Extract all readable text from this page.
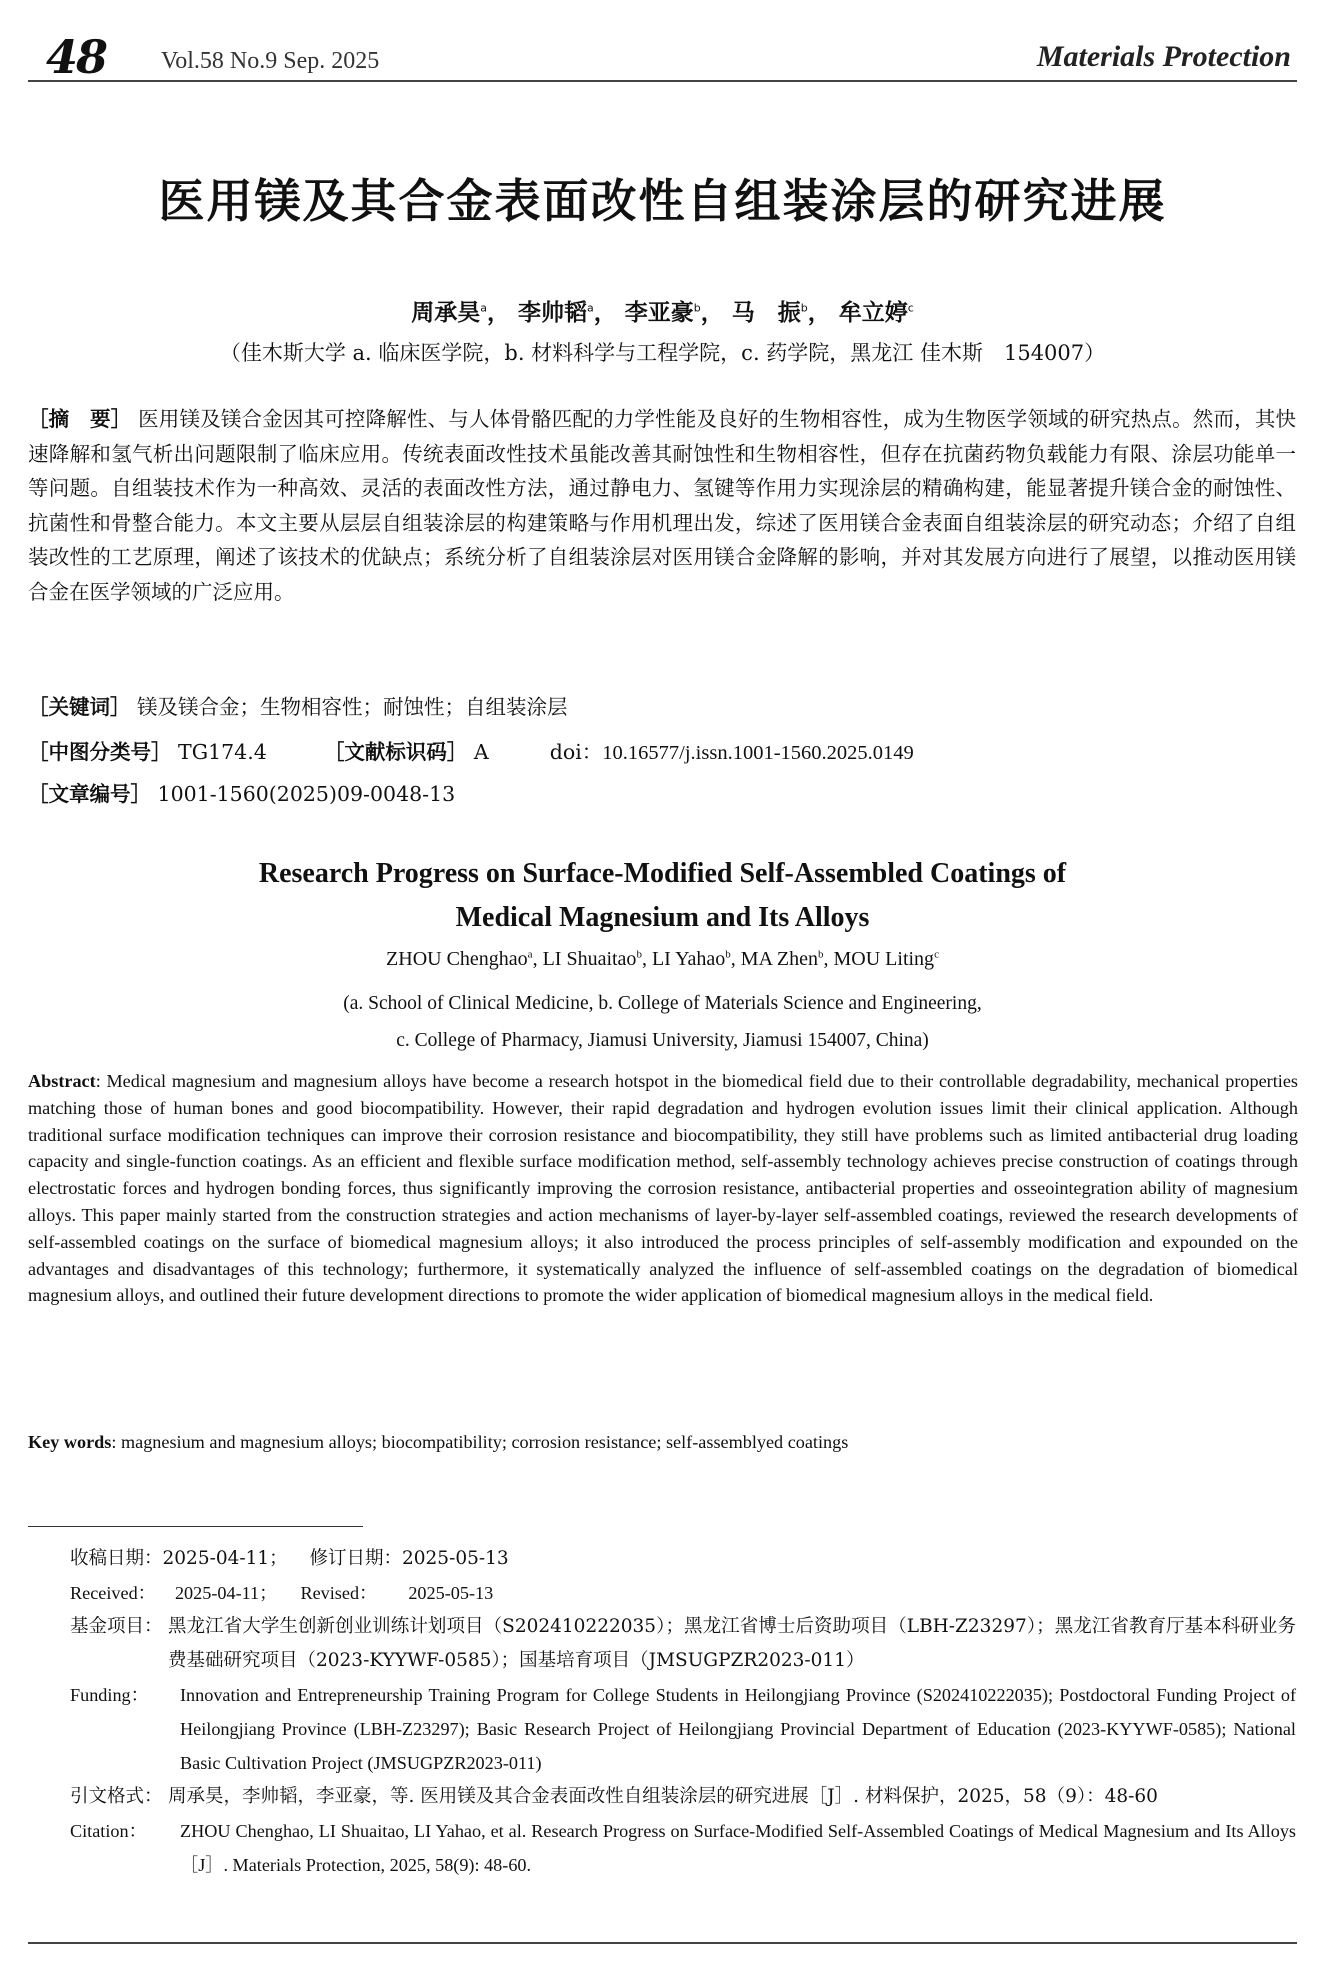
48 Vol.58 No.9 Sep. 2025	Materials Protection
医用镁及其合金表面改性自组装涂层的研究进展
周承昊$^a$， 李帅韬$^a$， 李亚豪$^b$， 马　振$^b$， 牟立婷$^c$
（佳木斯大学 a. 临床医学院，b. 材料科学与工程学院，c. 药学院，黑龙江 佳木斯　154007）
［摘　要］ 医用镁及镁合金因其可控降解性、与人体骨骼匹配的力学性能及良好的生物相容性，成为生物医学领域的研究热点。然而，其快速降解和氢气析出问题限制了临床应用。传统表面改性技术虽能改善其耐蚀性和生物相容性，但存在抗菌药物负载能力有限、涂层功能单一等问题。自组装技术作为一种高效、灵活的表面改性方法，通过静电力、氢键等作用力实现涂层的精确构建，能显著提升镁合金的耐蚀性、抗菌性和骨整合能力。本文主要从层层自组装涂层的构建策略与作用机理出发，综述了医用镁合金表面自组装涂层的研究动态；介绍了自组装改性的工艺原理，阐述了该技术的优缺点；系统分析了自组装涂层对医用镁合金降解的影响，并对其发展方向进行了展望，以推动医用镁合金在医学领域的广泛应用。
［关键词］ 镁及镁合金；生物相容性；耐蚀性；自组装涂层
［中图分类号］ TG174.4	［文献标识码］ A	doi：10.16577/j.issn.1001-1560.2025.0149
［文章编号］ 1001-1560(2025)09-0048-13
Research Progress on Surface-Modified Self-Assembled Coatings of
Medical Magnesium and Its Alloys
ZHOU Chenghao$^a$, LI Shuaitao$^b$, LI Yahao$^b$, MA Zhen$^b$, MOU Liting$^c$
(a. School of Clinical Medicine, b. College of Materials Science and Engineering,
c. College of Pharmacy, Jiamusi University, Jiamusi 154007, China)
Abstract: Medical magnesium and magnesium alloys have become a research hotspot in the biomedical field due to their controllable degradability, mechanical properties matching those of human bones and good biocompatibility. However, their rapid degradation and hydrogen evolution issues limit their clinical application. Although traditional surface modification techniques can improve their corrosion resistance and biocompatibility, they still have problems such as limited antibacterial drug loading capacity and single-function coatings. As an efficient and flexible surface modification method, self-assembly technology achieves precise construction of coatings through electrostatic forces and hydrogen bonding forces, thus significantly improving the corrosion resistance, antibacterial properties and osseointegration ability of magnesium alloys. This paper mainly started from the construction strategies and action mechanisms of layer-by-layer self-assembled coatings, reviewed the research developments of self-assembled coatings on the surface of biomedical magnesium alloys; it also introduced the process principles of self-assembly modification and expounded on the advantages and disadvantages of this technology; furthermore, it systematically analyzed the influence of self-assembled coatings on the degradation of biomedical magnesium alloys, and outlined their future development directions to promote the wider application of biomedical magnesium alloys in the medical field.
Key words: magnesium and magnesium alloys; biocompatibility; corrosion resistance; self-assemblyed coatings
收稿日期：2025-04-11； 修订日期：2025-05-13
Received： 2025-04-11； Revised： 2025-05-13
基金项目： 黑龙江省大学生创新创业训练计划项目（S202410222035）；黑龙江省博士后资助项目（LBH-Z23297）；黑龙江省教育厅基本科研业务费基础研究项目（2023-KYYWF-0585）；国基培育项目（JMSUGPZR2023-011）
Funding： Innovation and Entrepreneurship Training Program for College Students in Heilongjiang Province (S202410222035); Postdoctoral Funding Project of Heilongjiang Province (LBH-Z23297); Basic Research Project of Heilongjiang Provincial Department of Education (2023-KYYWF-0585); National Basic Cultivation Project (JMSUGPZR2023-011)
引文格式： 周承昊，李帅韬，李亚豪，等. 医用镁及其合金表面改性自组装涂层的研究进展［J］. 材料保护，2025，58（9）：48-60
Citation： ZHOU Chenghao, LI Shuaitao, LI Yahao, et al. Research Progress on Surface-Modified Self-Assembled Coatings of Medical Magnesium and Its Alloys［J］. Materials Protection, 2025, 58(9): 48-60.
